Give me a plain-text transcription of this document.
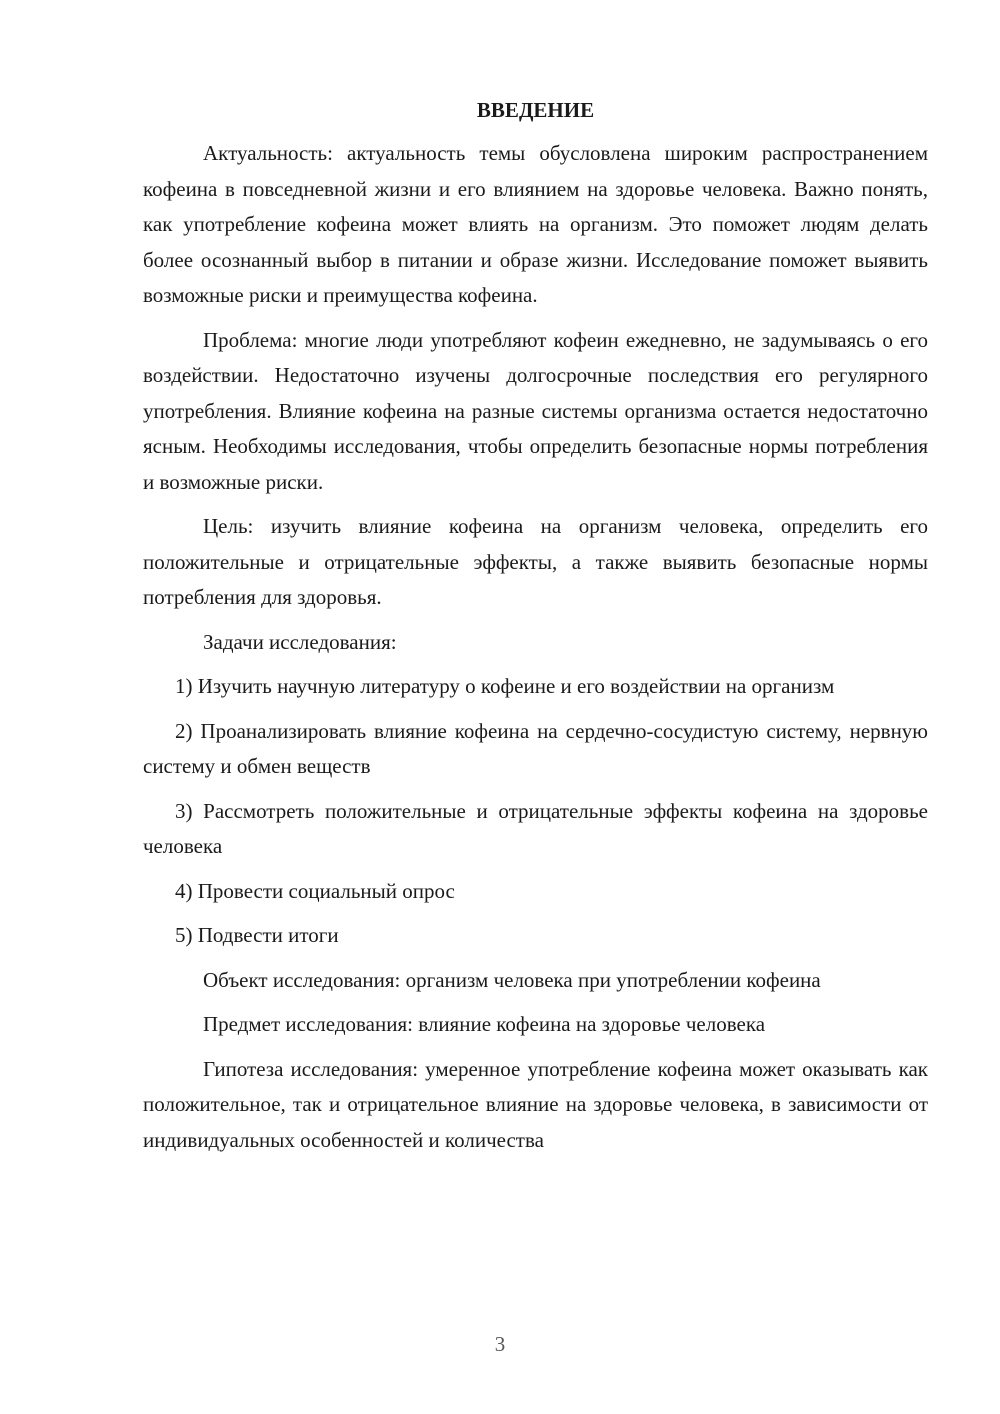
ВВЕДЕНИЕ

Актуальность: актуальность темы обусловлена широким распространением кофеина в повседневной жизни и его влиянием на здоровье человека. Важно понять, как употребление кофеина может влиять на организм. Это поможет людям делать более осознанный выбор в питании и образе жизни. Исследование поможет выявить возможные риски и преимущества кофеина.

Проблема: многие люди употребляют кофеин ежедневно, не задумываясь о его воздействии. Недостаточно изучены долгосрочные последствия его регулярного употребления. Влияние кофеина на разные системы организма остается недостаточно ясным. Необходимы исследования, чтобы определить безопасные нормы потребления и возможные риски.

Цель: изучить влияние кофеина на организм человека, определить его положительные и отрицательные эффекты, а также выявить безопасные нормы потребления для здоровья.

Задачи исследования:

1) Изучить научную литературу о кофеине и его воздействии на организм

2) Проанализировать влияние кофеина на сердечно-сосудистую систему, нервную систему и обмен веществ

3) Рассмотреть положительные и отрицательные эффекты кофеина на здоровье человека

4) Провести социальный опрос

5) Подвести итоги

Объект исследования: организм человека при употреблении кофеина

Предмет исследования: влияние кофеина на здоровье человека

Гипотеза исследования: умеренное употребление кофеина может оказывать как положительное, так и отрицательное влияние на здоровье человека, в зависимости от индивидуальных особенностей и количества

3
